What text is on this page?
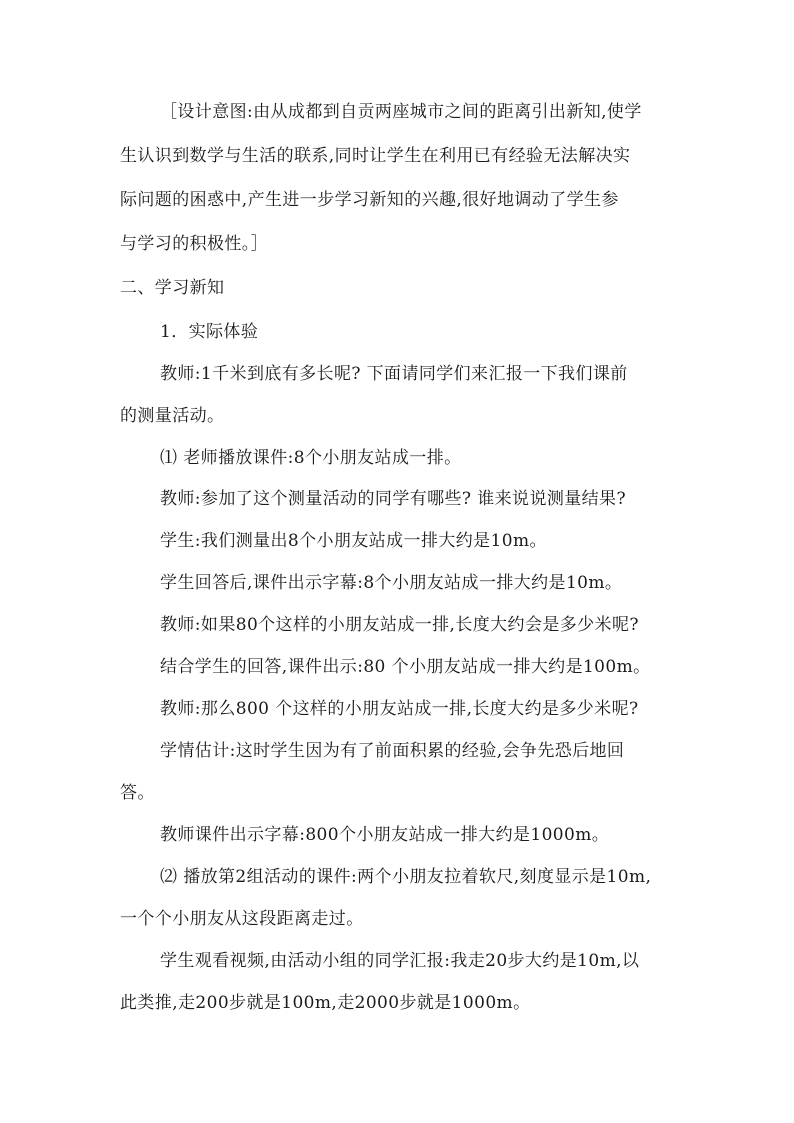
［设计意图:由从成都到自贡两座城市之间的距离引出新知,使学
生认识到数学与生活的联系,同时让学生在利用已有经验无法解决实
际问题的困惑中,产生进一步学习新知的兴趣,很好地调动了学生参
与学习的积极性。］
二、学习新知
1．实际体验
教师:1千米到底有多长呢? 下面请同学们来汇报一下我们课前
的测量活动。
⑴ 老师播放课件:8个小朋友站成一排。
教师:参加了这个测量活动的同学有哪些? 谁来说说测量结果?
学生:我们测量出8个小朋友站成一排大约是10m。
学生回答后,课件出示字幕:8个小朋友站成一排大约是10m。
教师:如果80个这样的小朋友站成一排,长度大约会是多少米呢?
结合学生的回答,课件出示:80 个小朋友站成一排大约是100m。
教师:那么800 个这样的小朋友站成一排,长度大约是多少米呢?
学情估计:这时学生因为有了前面积累的经验,会争先恐后地回
答。
教师课件出示字幕:800个小朋友站成一排大约是1000m。
⑵ 播放第2组活动的课件:两个小朋友拉着软尺,刻度显示是10m,
一个个小朋友从这段距离走过。
学生观看视频,由活动小组的同学汇报:我走20步大约是10m,以
此类推,走200步就是100m,走2000步就是1000m。
